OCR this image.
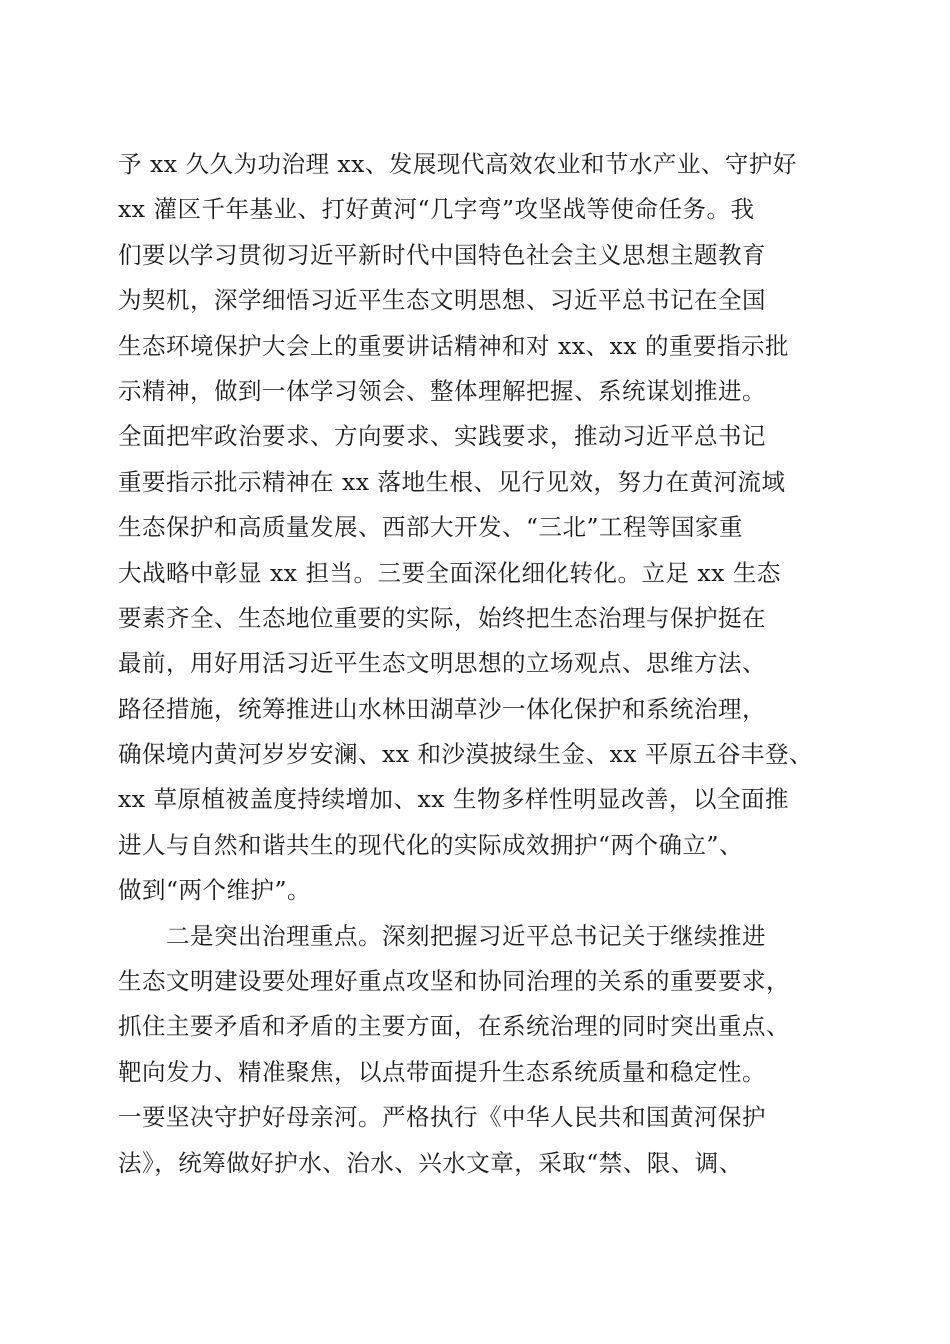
予 xx 久久为功治理 xx、发展现代高效农业和节水产业、守护好
xx 灌区千年基业、打好黄河“几字弯”攻坚战等使命任务。我
们要以学习贯彻习近平新时代中国特色社会主义思想主题教育
为契机，深学细悟习近平生态文明思想、习近平总书记在全国
生态环境保护大会上的重要讲话精神和对 xx、xx 的重要指示批
示精神，做到一体学习领会、整体理解把握、系统谋划推进。
全面把牢政治要求、方向要求、实践要求，推动习近平总书记
重要指示批示精神在 xx 落地生根、见行见效，努力在黄河流域
生态保护和高质量发展、西部大开发、“三北”工程等国家重
大战略中彰显 xx 担当。三要全面深化细化转化。立足 xx 生态
要素齐全、生态地位重要的实际，始终把生态治理与保护挺在
最前，用好用活习近平生态文明思想的立场观点、思维方法、
路径措施，统筹推进山水林田湖草沙一体化保护和系统治理，
确保境内黄河岁岁安澜、xx 和沙漠披绿生金、xx 平原五谷丰登、
xx 草原植被盖度持续增加、xx 生物多样性明显改善，以全面推
进人与自然和谐共生的现代化的实际成效拥护“两个确立”、
做到“两个维护”。
二是突出治理重点。深刻把握习近平总书记关于继续推进
生态文明建设要处理好重点攻坚和协同治理的关系的重要要求，
抓住主要矛盾和矛盾的主要方面，在系统治理的同时突出重点、
靶向发力、精准聚焦，以点带面提升生态系统质量和稳定性。
一要坚决守护好母亲河。严格执行《中华人民共和国黄河保护
法》，统筹做好护水、治水、兴水文章，采取“禁、限、调、
